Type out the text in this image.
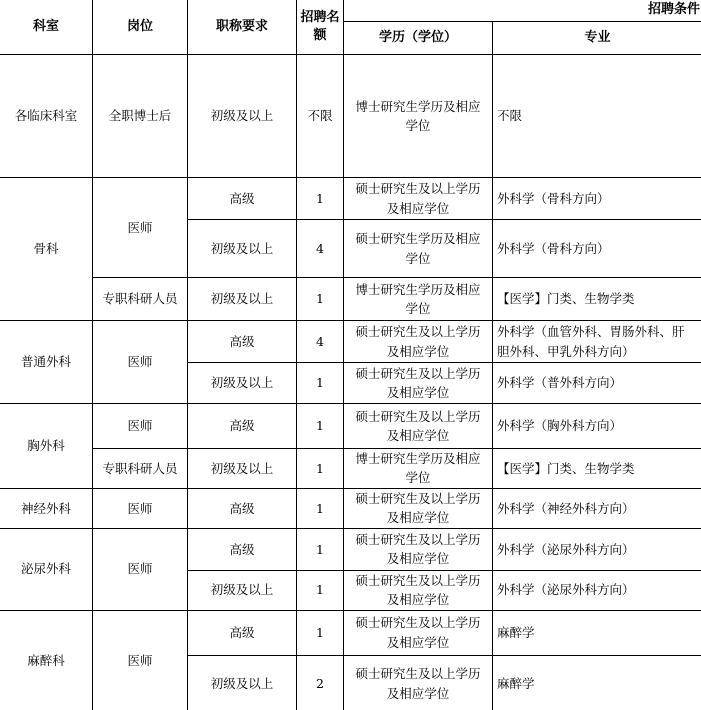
科室	岗位	职称要求	招聘名额	招聘条件	
				学历（学位）	专业
各临床科室	全职博士后	初级及以上	不限	博士研究生学历及相应学位	不限
骨科	医师	高级	1	硕士研究生及以上学历及相应学位	外科学（骨科方向）
		初级及以上	4	硕士研究生学历及相应学位	外科学（骨科方向）
	专职科研人员	初级及以上	1	博士研究生学历及相应学位	【医学】门类、生物学类
普通外科	医师	高级	4	硕士研究生及以上学历及相应学位	外科学（血管外科、胃肠外科、肝胆外科、甲乳外科方向）
		初级及以上	1	硕士研究生及以上学历及相应学位	外科学（普外科方向）
胸外科	医师	高级	1	硕士研究生及以上学历及相应学位	外科学（胸外科方向）
	专职科研人员	初级及以上	1	博士研究生学历及相应学位	【医学】门类、生物学类
神经外科	医师	高级	1	硕士研究生及以上学历及相应学位	外科学（神经外科方向）
泌尿外科	医师	高级	1	硕士研究生及以上学历及相应学位	外科学（泌尿外科方向）
		初级及以上	1	硕士研究生及以上学历及相应学位	外科学（泌尿外科方向）
麻醉科	医师	高级	1	硕士研究生及以上学历及相应学位	麻醉学
		初级及以上	2	硕士研究生及以上学历及相应学位	麻醉学
